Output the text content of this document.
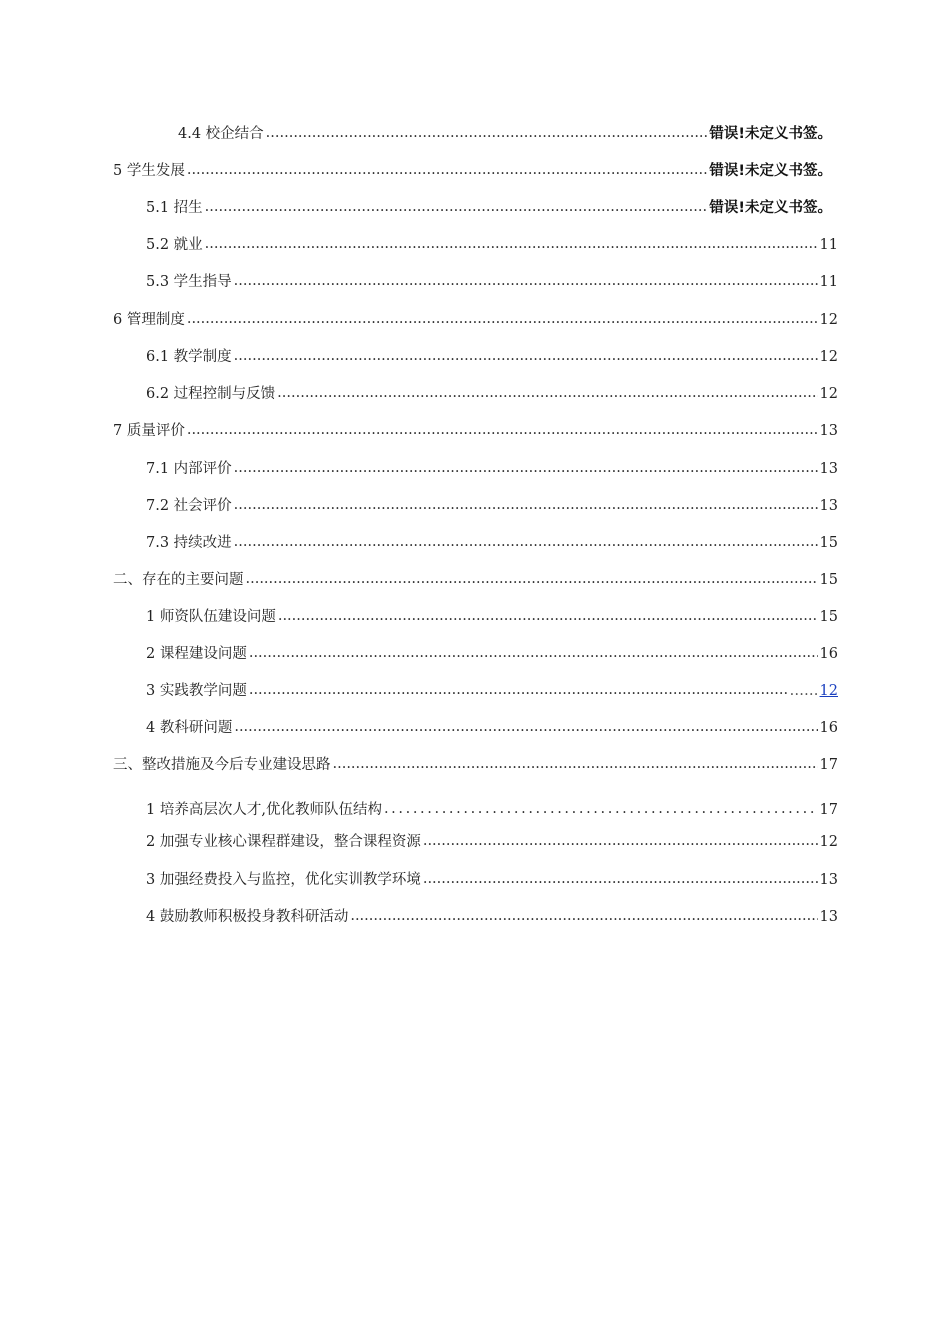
4.4 校企结合 .....	错误!未定义书签。
5 学生发展 .....	错误!未定义书签。
5.1 招生 .....	错误!未定义书签。
5.2 就业 .....	11
5.3 学生指导 .....	11
6 管理制度 .....	12
6.1 教学制度 .....	12
6.2 过程控制与反馈 .....	12
7 质量评价 .....	13
7.1 内部评价 .....	13
7.2 社会评价 .....	13
7.3 持续改进 .....	15
二、存在的主要问题 .....	15
1 师资队伍建设问题 .....	15
2 课程建设问题 .....	16
3 实践教学问题 .....	……12
4 教科研问题 .....	16
三、整改措施及今后专业建设思路 .....	17
1 培养高层次人才,优化教师队伍结构 . . .	17
2 加强专业核心课程群建设，整合课程资源 .....	12
3 加强经费投入与监控，优化实训教学环境 .....	13
4 鼓励教师积极投身教科研活动 .....	13
